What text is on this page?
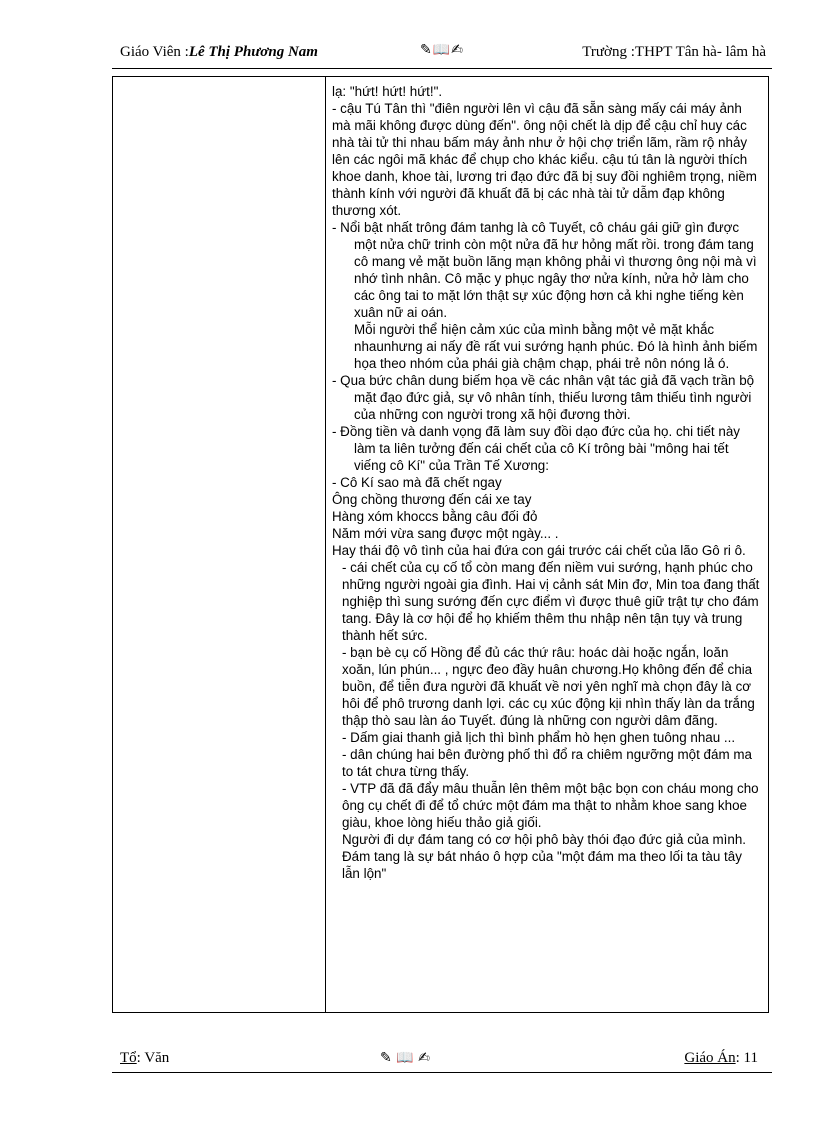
Giáo Viên :Lê Thị Phương Nam	✎📖✍	Trường :THPT Tân hà- lâm hà

lạ: "hứt! hứt! hứt!".

- cậu Tú Tân thì "điên người lên vì cậu đã sẵn sàng mấy cái máy ảnh mà mãi không được dùng đến". ông nội chết là dịp để cậu chỉ huy các nhà tài tử thi nhau bấm máy ảnh như ở hội chợ triển lãm, rầm rộ nhảy lên các ngôi mã khác để chụp cho khác kiểu. cậu tú tân là người thích khoe danh, khoe tài, lương tri đạo đức đã bị suy đồi nghiêm trọng, niềm thành kính với người đã khuất đã bị các nhà tài tử dẫm đạp không thương xót.

- Nổi bật nhất trông đám tanhg là cô Tuyết, cô cháu gái giữ gìn được một nửa chữ trinh còn một nửa đã hư hỏng mất rồi. trong đám tang cô mang vẻ mặt buồn lãng mạn không phải vì thương ông nội mà vì nhớ tình nhân. Cô mặc y phục ngây thơ nửa kính, nửa hở làm cho các ông tai to mặt lớn thật sự xúc động hơn cả khi nghe tiếng kèn xuân nữ ai oán.

Mỗi người thể hiện cảm xúc của mình bằng một vẻ mặt khắc nhaunhưng ai nấy đề rất vui sướng hạnh phúc. Đó là hình ảnh biếm họa theo nhóm của phái già chậm chạp, phái trẻ nôn nóng lả ó.

- Qua bức chân dung biếm họa về các nhân vật tác giả đã vạch trần bộ mặt đạo đức giả, sự vô nhân tính, thiếu lương tâm thiếu tình người của những con người trong xã hội đương thời.

- Đồng tiền và danh vọng đã làm suy đồi dạo đức của họ. chi tiết này làm ta liên tưởng đến cái chết của cô Kí trông bài "mông hai tết viếng cô Kí" của Trần Tế Xương:

- Cô Kí sao mà đã chết ngay

Ông chồng thương đến cái xe tay

Hàng xóm khoccs bằng câu đối đỏ

Năm mới vừa sang được một ngày... .

Hay thái độ vô tình của hai đứa con gái trước cái chết của lão Gô ri ô.

- cái chết của cụ cố tổ còn mang đến niềm vui sướng, hạnh phúc cho những người ngoài gia đình. Hai vị cảnh sát Min đơ, Min toa đang thất nghiệp thì sung sướng đến cực điểm vì được thuê giữ trật tự cho đám tang. Đây là cơ hội để họ khiếm thêm thu nhập nên tận tụy và trung thành hết sức.

- bạn bè cụ cố Hồng để đủ các thứ râu: hoác dài hoặc ngắn, loăn xoăn, lún phún... , ngực đeo đầy huân chương.Họ không đến để chia buồn, để tiễn đưa người đã khuất về nơi yên nghĩ mà chọn đây là cơ hôi để phô trương danh lợi. các cụ xúc động kịi nhìn thấy làn da trắng thập thò sau làn áo Tuyết. đúng là những con người dâm đãng.

- Dấm giai thanh giả lịch thì bình phẩm hò hẹn ghen tuông nhau ...

- dân chúng hai bên đường phố thì đổ ra chiêm ngưỡng một đám ma to tát chưa từng thấy.

- VTP đã đã đẩy mâu thuẫn lên thêm một bậc bọn con cháu mong cho ông cụ chết đi để tổ chức một đám ma thật to nhằm khoe sang khoe giàu, khoe lòng hiếu thảo giả giối.

Người đi dự đám tang có cơ hội phô bày thói đạo đức giả của mình. Đám tang là sự bát nháo ô hợp của "một đám ma theo lối ta tàu tây lẫn lộn"

Tổ: Văn	✎ 📖 ✍	Giáo Án: 11
